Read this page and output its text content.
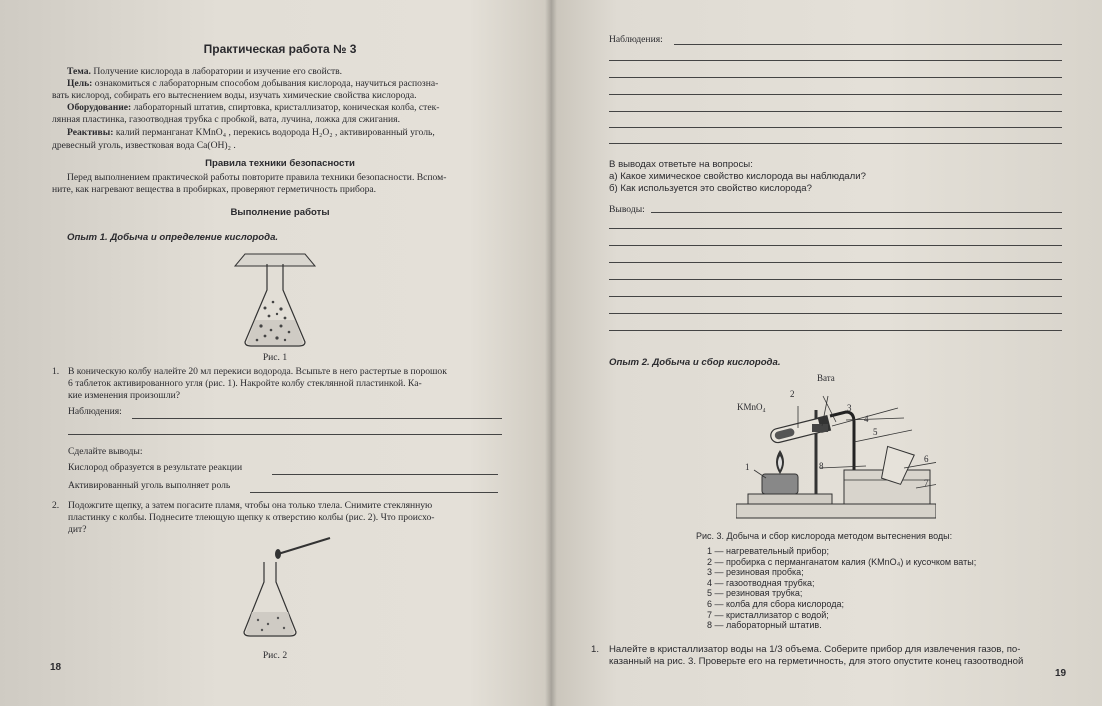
Практическая работа № 3
Тема. Получение кислорода в лаборатории и изучение его свойств.
Цель: ознакомиться с лабораторным способом добывания кислорода, научиться распозна-
вать кислород, собирать его вытеснением воды, изучать химические свойства кислорода.
Оборудование: лабораторный штатив, спиртовка, кристаллизатор, коническая колба, стек-
лянная пластинка, газоотводная трубка с пробкой, вата, лучина, ложка для сжигания.
Реактивы: калий перманганат KMnO₄ , перекись водорода H₂O₂ , активированный уголь,
древесный уголь, известковая вода Ca(OH)₂ .
Правила техники безопасности
Перед выполнением практической работы повторите правила техники безопасности. Вспом-
ните, как нагревают вещества в пробирках, проверяют герметичность прибора.
Выполнение работы
Опыт 1. Добыча и определение кислорода.
Рис. 1
1. В коническую колбу налейте 20 мл перекиси водорода. Всыпьте в него растертые в порошок
6 таблеток активированного угля (рис. 1). Накройте колбу стеклянной пластинкой. Ка-
кие изменения произошли?
Наблюдения:
Сделайте выводы:
Кислород образуется в результате реакции
Активированный уголь выполняет роль
2. Подожгите щепку, а затем погасите пламя, чтобы она только тлела. Снимите стеклянную
пластинку с колбы. Поднесите тлеющую щепку к отверстию колбы (рис. 2). Что происхо-
дит?
Рис. 2
18
Наблюдения:
В выводах ответьте на вопросы:
а) Какое химическое свойство кислорода вы наблюдали?
б) Как используется это свойство кислорода?
Выводы:
Опыт 2. Добыча и сбор кислорода.
Вата
KMnO₄
2
3
4
5
6
7
1	8
Рис. 3. Добыча и сбор кислорода методом вытеснения воды:
1 — нагревательный прибор;
2 — пробирка с перманганатом калия (KMnO₄) и кусочком ваты;
3 — резиновая пробка;
4 — газоотводная трубка;
5 — резиновая трубка;
6 — колба для сбора кислорода;
7 — кристаллизатор с водой;
8 — лабораторный штатив.
1. Налейте в кристаллизатор воды на 1/3 объема. Соберите прибор для извлечения газов, по-
казанный на рис. 3. Проверьте его на герметичность, для этого опустите конец газоотводной
19
